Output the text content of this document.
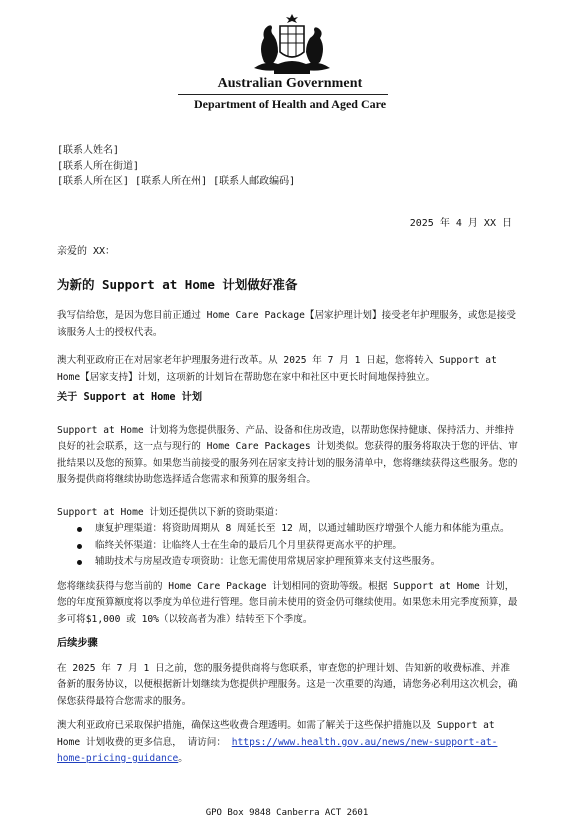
Australian Government
Department of Health and Aged Care
[联系人姓名]
[联系人所在街道]
[联系人所在区] [联系人所在州] [联系人邮政编码]
2025 年 4 月 XX 日
亲爱的 XX：
为新的 Support at Home 计划做好准备

我写信给您，是因为您目前正通过 Home Care Package【居家护理计划】接受老年护理服务，或您是接受该服务人士的授权代表。

澳大利亚政府正在对居家老年护理服务进行改革。从 2025 年 7 月 1 日起，您将转入 Support at Home【居家支持】计划，这项新的计划旨在帮助您在家中和社区中更长时间地保持独立。

关于 Support at Home 计划

Support at Home 计划将为您提供服务、产品、设备和住房改造，以帮助您保持健康、保持活力、并维持良好的社会联系，这一点与现行的 Home Care Packages 计划类似。您获得的服务将取决于您的评估、审批结果以及您的预算。如果您当前接受的服务列在居家支持计划的服务清单中，您将继续获得这些服务。您的服务提供商将继续协助您选择适合您需求和预算的服务组合。

Support at Home 计划还提供以下新的资助渠道：

康复护理渠道：将资助周期从 8 周延长至 12 周，以通过辅助医疗增强个人能力和体能为重点。
临终关怀渠道：让临终人士在生命的最后几个月里获得更高水平的护理。
辅助技术与房屋改造专项资助：让您无需使用常规居家护理预算来支付这些服务。

您将继续获得与您当前的 Home Care Package 计划相同的资助等级。根据 Support at Home 计划，您的年度预算额度将以季度为单位进行管理。您目前未使用的资金仍可继续使用。如果您未用完季度预算，最多可将$1,000 或 10%（以较高者为准）结转至下个季度。

后续步骤

在 2025 年 7 月 1 日之前，您的服务提供商将与您联系，审查您的护理计划、告知新的收费标准、并准备新的服务协议，以便根据新计划继续为您提供护理服务。这是一次重要的沟通，请您务必利用这次机会，确保您获得最符合您需求的服务。

澳大利亚政府已采取保护措施，确保这些收费合理透明。如需了解关于这些保护措施以及 Support at Home 计划收费的更多信息， 请访问： https://www.health.gov.au/news/new-support-at-home-pricing-guidance。

GPO Box 9848 Canberra ACT 2601
